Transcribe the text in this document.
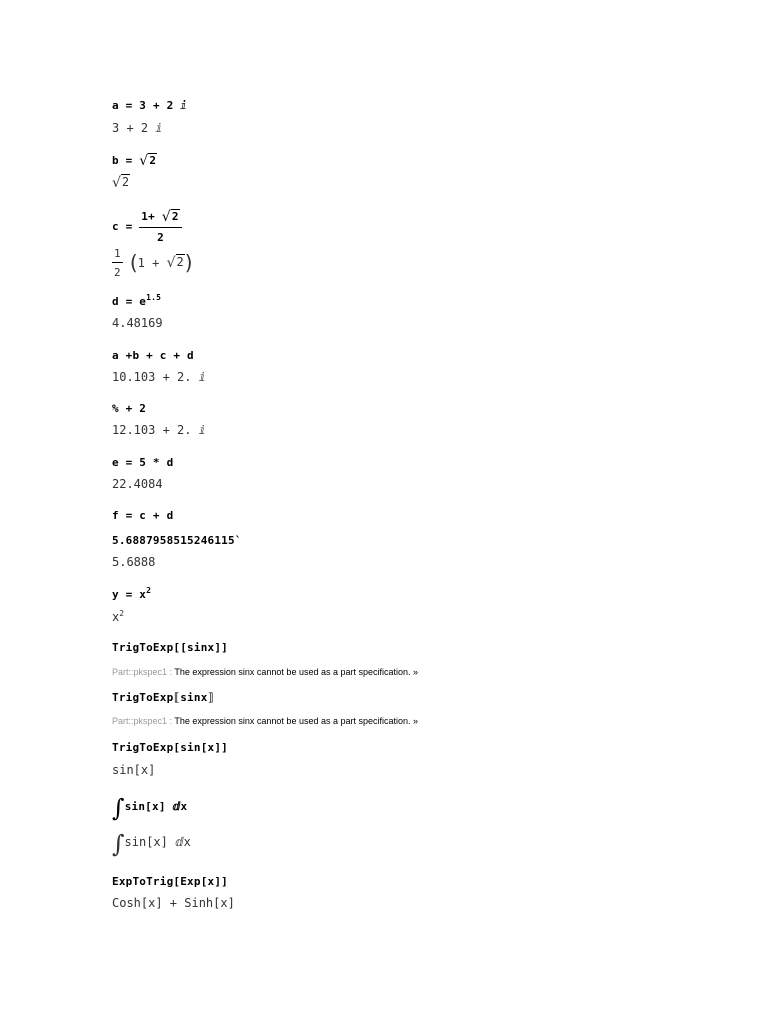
a = 3 + 2 ⅈ
3 + 2 ⅈ
b = √2
√2
$c = \frac{1+ √2}{2}$
$\frac{1}{2} (1 + √2)$
$d = e^{1.5}$
4.48169
a +b + c + d
10.103 + 2. ⅈ
% + 2
12.103 + 2. ⅈ
e = 5 * d
22.4084
f = c + d
5.6887958515246115`
5.6888
$y = x^2$
$x^2$
TrigToExp[[sinx]]
Part::pkspec1 : The expression sinx cannot be used as a part specification. »
TrigToExp⟦sinx⟧
Part::pkspec1 : The expression sinx cannot be used as a part specification. »
TrigToExp[sin[x]]
sin[x]
∫sin[x] ⅆx
∫sin[x] ⅆx
ExpToTrig[Exp[x]]
Cosh[x] + Sinh[x]
